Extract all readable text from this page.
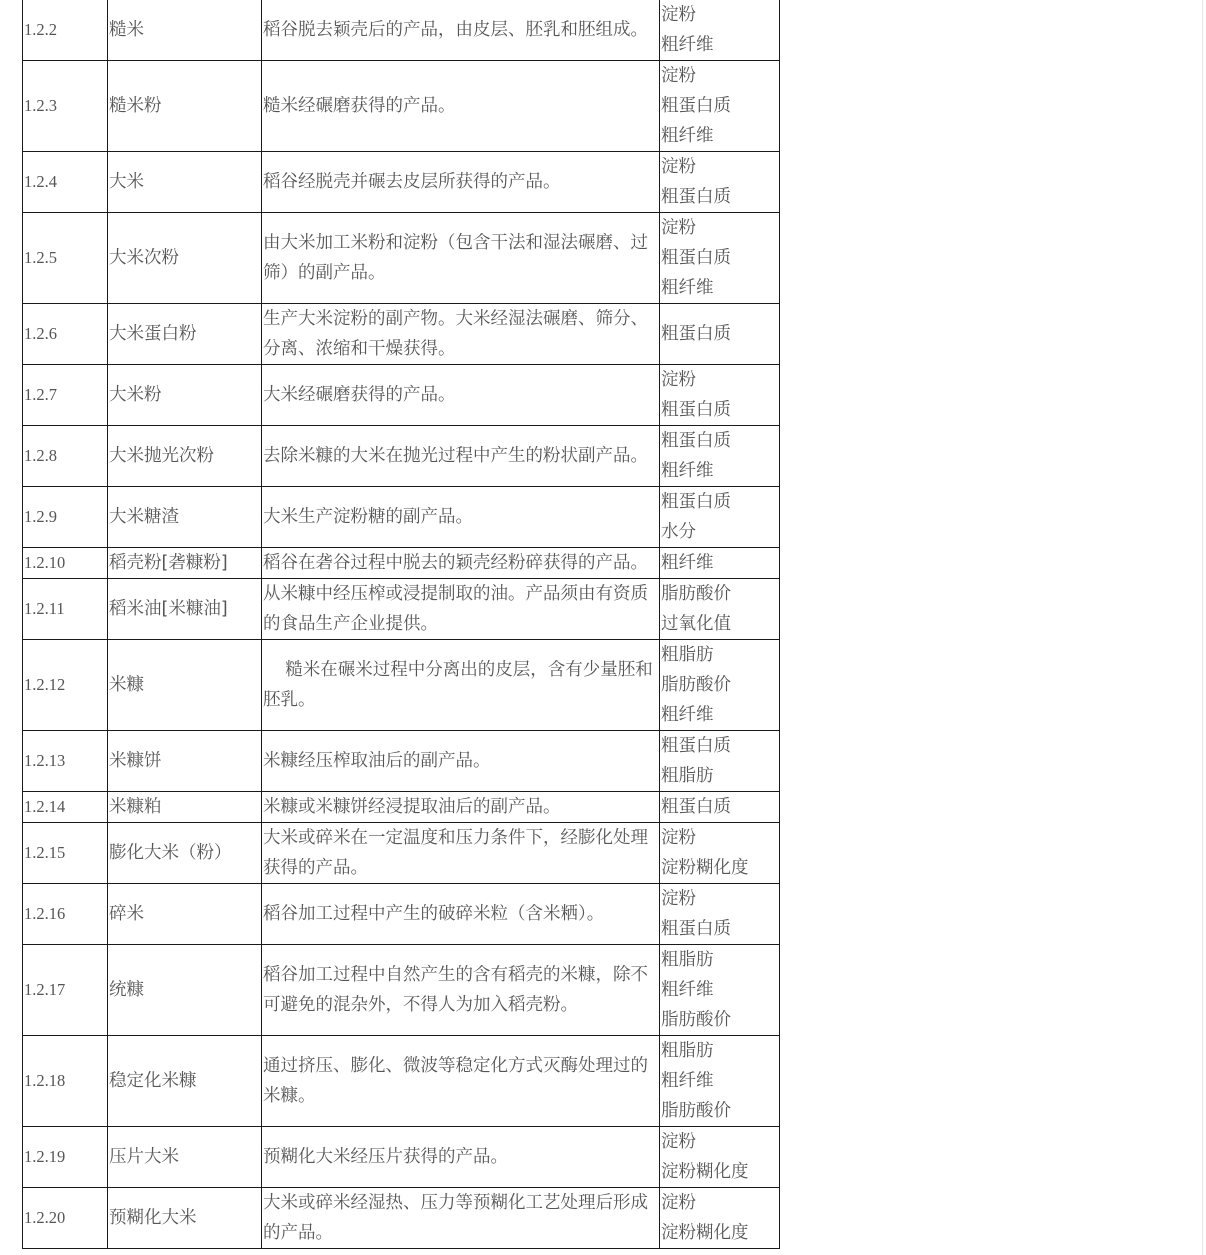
1.2.2	糙米	稻谷脱去颖壳后的产品，由皮层、胚乳和胚组成。	淀粉
粗纤维

1.2.3	糙米粉	糙米经碾磨获得的产品。	淀粉
粗蛋白质
粗纤维

1.2.4	大米	稻谷经脱壳并碾去皮层所获得的产品。	淀粉
粗蛋白质

1.2.5	大米次粉	由大米加工米粉和淀粉（包含干法和湿法碾磨、过筛）的副产品。	淀粉
粗蛋白质
粗纤维

1.2.6	大米蛋白粉	生产大米淀粉的副产物。大米经湿法碾磨、筛分、分离、浓缩和干燥获得。	粗蛋白质

1.2.7	大米粉	大米经碾磨获得的产品。	淀粉
粗蛋白质

1.2.8	大米抛光次粉	去除米糠的大米在抛光过程中产生的粉状副产品。	粗蛋白质
粗纤维

1.2.9	大米糖渣	大米生产淀粉糖的副产品。	粗蛋白质
水分

1.2.10	稻壳粉[砻糠粉]	稻谷在砻谷过程中脱去的颖壳经粉碎获得的产品。	粗纤维

1.2.11	稻米油[米糠油]	从米糠中经压榨或浸提制取的油。产品须由有资质的食品生产企业提供。	脂肪酸价
过氧化值

1.2.12	米糠	糙米在碾米过程中分离出的皮层，含有少量胚和胚乳。	粗脂肪
脂肪酸价
粗纤维

1.2.13	米糠饼	米糠经压榨取油后的副产品。	粗蛋白质
粗脂肪

1.2.14	米糠粕	米糠或米糠饼经浸提取油后的副产品。	粗蛋白质

1.2.15	膨化大米（粉）	大米或碎米在一定温度和压力条件下，经膨化处理获得的产品。	淀粉
淀粉糊化度

1.2.16	碎米	稻谷加工过程中产生的破碎米粒（含米粞）。	淀粉
粗蛋白质

1.2.17	统糠	稻谷加工过程中自然产生的含有稻壳的米糠，除不可避免的混杂外，不得人为加入稻壳粉。	粗脂肪
粗纤维
脂肪酸价

1.2.18	稳定化米糠	通过挤压、膨化、微波等稳定化方式灭酶处理过的米糠。	粗脂肪
粗纤维
脂肪酸价

1.2.19	压片大米	预糊化大米经压片获得的产品。	淀粉
淀粉糊化度

1.2.20	预糊化大米	大米或碎米经湿热、压力等预糊化工艺处理后形成的产品。	淀粉
淀粉糊化度
